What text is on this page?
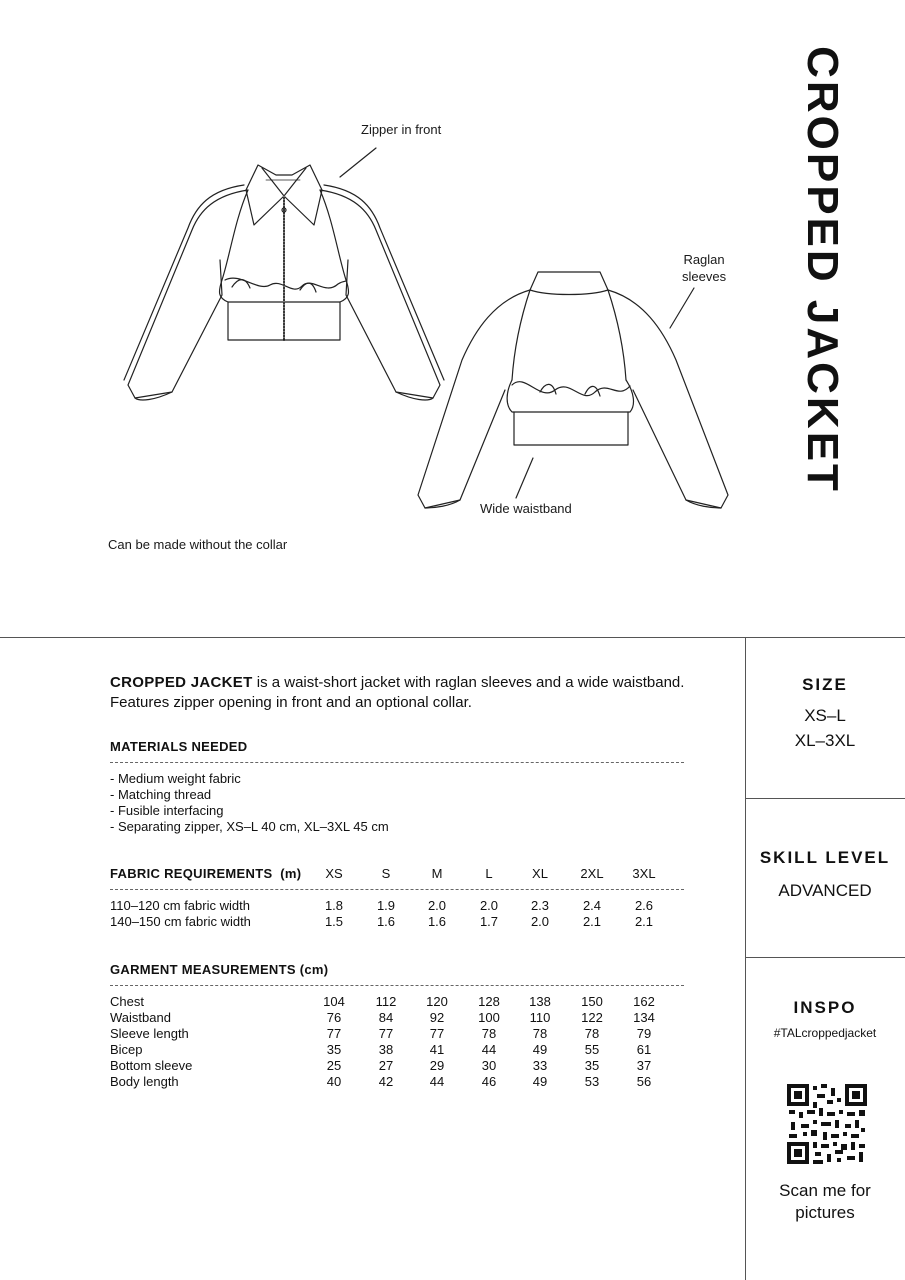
Zipper in front
Raglan
sleeves
Wide waistband
Can be made without the collar
CROPPED JACKET
CROPPED JACKET is a waist-short jacket with raglan sleeves and a wide waistband.
Features zipper opening in front and an optional collar.
MATERIALS NEEDED
- Medium weight fabric
- Matching thread
- Fusible interfacing
- Separating zipper, XS–L 40 cm, XL–3XL 45 cm
FABRIC REQUIREMENTS (m)	XS	S	M	L	XL	2XL	3XL
110–120 cm fabric width	1.8	1.9	2.0	2.0	2.3	2.4	2.6
140–150 cm fabric width	1.5	1.6	1.6	1.7	2.0	2.1	2.1
GARMENT MEASUREMENTS (cm)
Chest	104	112	120	128	138	150	162
Waistband	76	84	92	100	110	122	134
Sleeve length	77	77	77	78	78	78	79
Bicep	35	38	41	44	49	55	61
Bottom sleeve	25	27	29	30	33	35	37
Body length	40	42	44	46	49	53	56
SIZE
XS–L
XL–3XL
SKILL LEVEL
ADVANCED
INSPO
#TALcroppedjacket
Scan me for
pictures
